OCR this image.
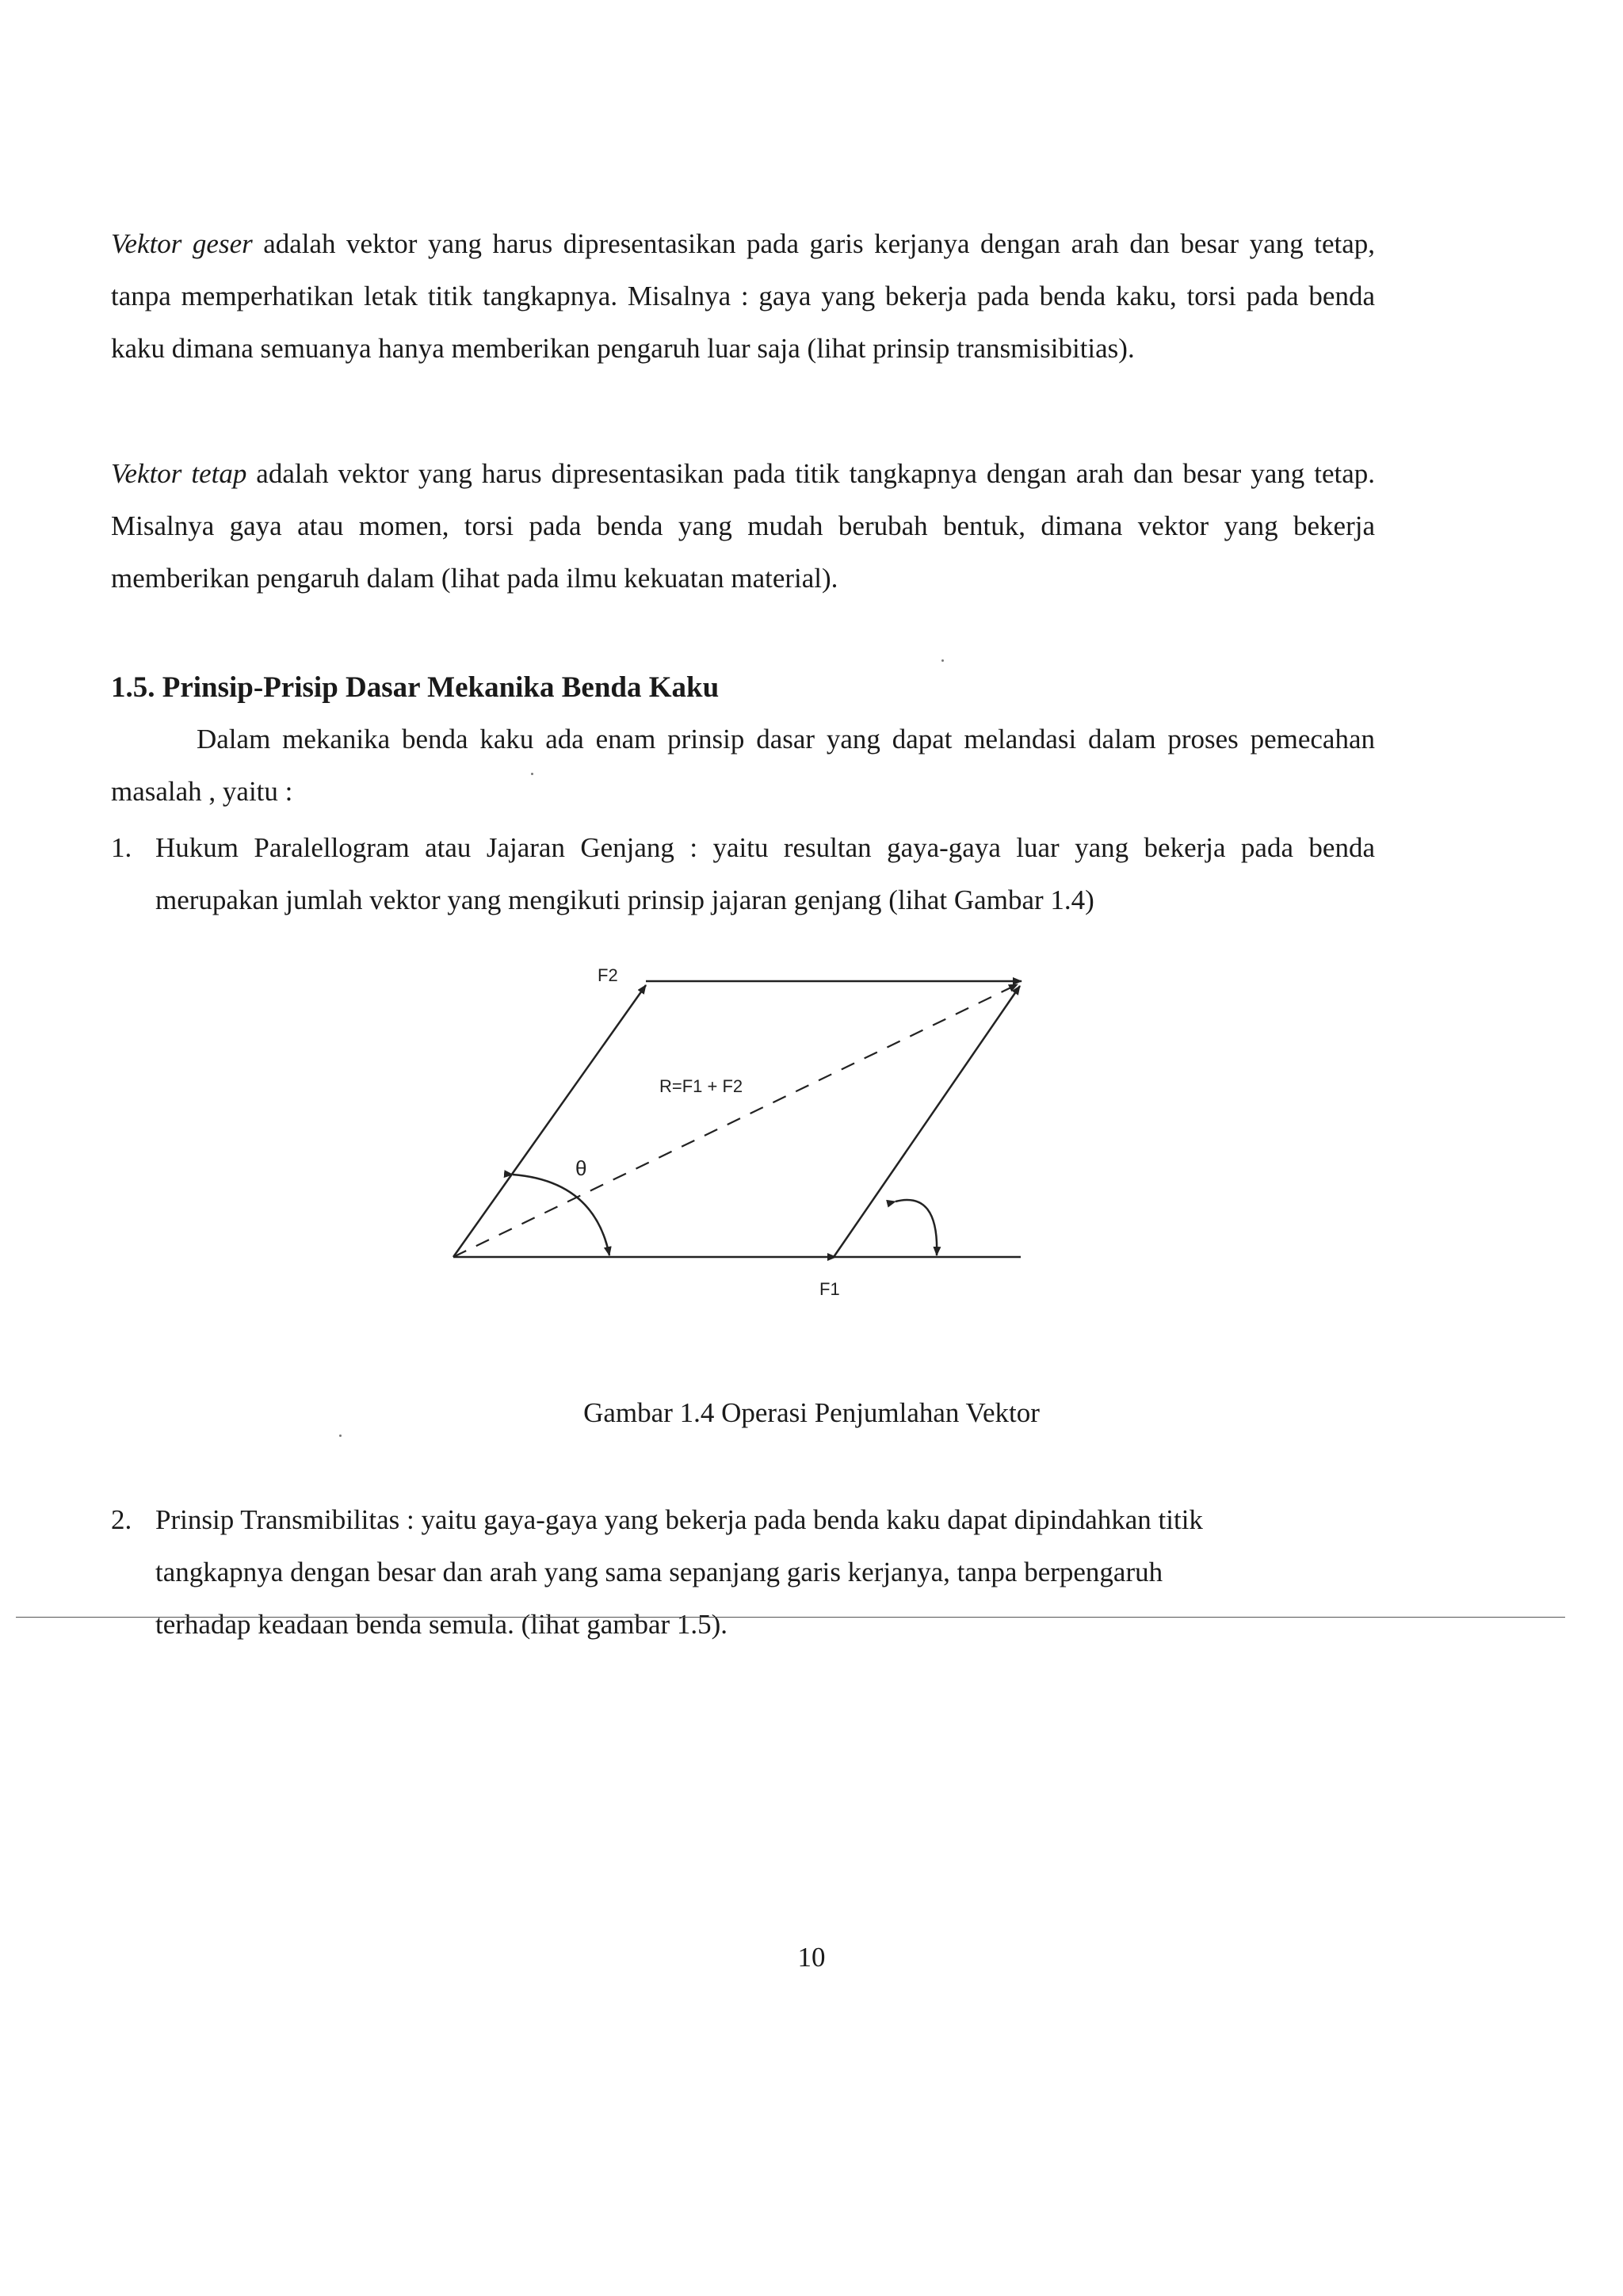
Vektor geser adalah vektor yang harus dipresentasikan pada garis kerjanya dengan arah dan besar yang tetap, tanpa memperhatikan letak titik tangkapnya. Misalnya : gaya yang bekerja pada benda kaku, torsi pada benda kaku dimana semuanya hanya memberikan pengaruh luar saja (lihat prinsip transmisibitias).

Vektor tetap adalah vektor yang harus dipresentasikan pada titik tangkapnya dengan arah dan besar yang tetap. Misalnya gaya atau momen, torsi pada benda yang mudah berubah bentuk, dimana vektor yang bekerja memberikan pengaruh dalam (lihat pada ilmu kekuatan material).

1.5. Prinsip-Prisip Dasar Mekanika Benda Kaku

Dalam mekanika benda kaku ada enam prinsip dasar yang dapat melandasi dalam proses pemecahan masalah , yaitu :

1. Hukum Paralellogram atau Jajaran Genjang : yaitu resultan gaya-gaya luar yang bekerja pada benda merupakan jumlah vektor yang mengikuti prinsip jajaran genjang (lihat Gambar 1.4)
F2
R=F1 + F2
θ
F1

Gambar 1.4 Operasi Penjumlahan Vektor

2. Prinsip Transmibilitas : yaitu gaya-gaya yang bekerja pada benda kaku dapat dipindahkan titik
tangkapnya dengan besar dan arah yang sama sepanjang garis kerjanya, tanpa berpengaruh
terhadap keadaan benda semula. (lihat gambar 1.5).

10
